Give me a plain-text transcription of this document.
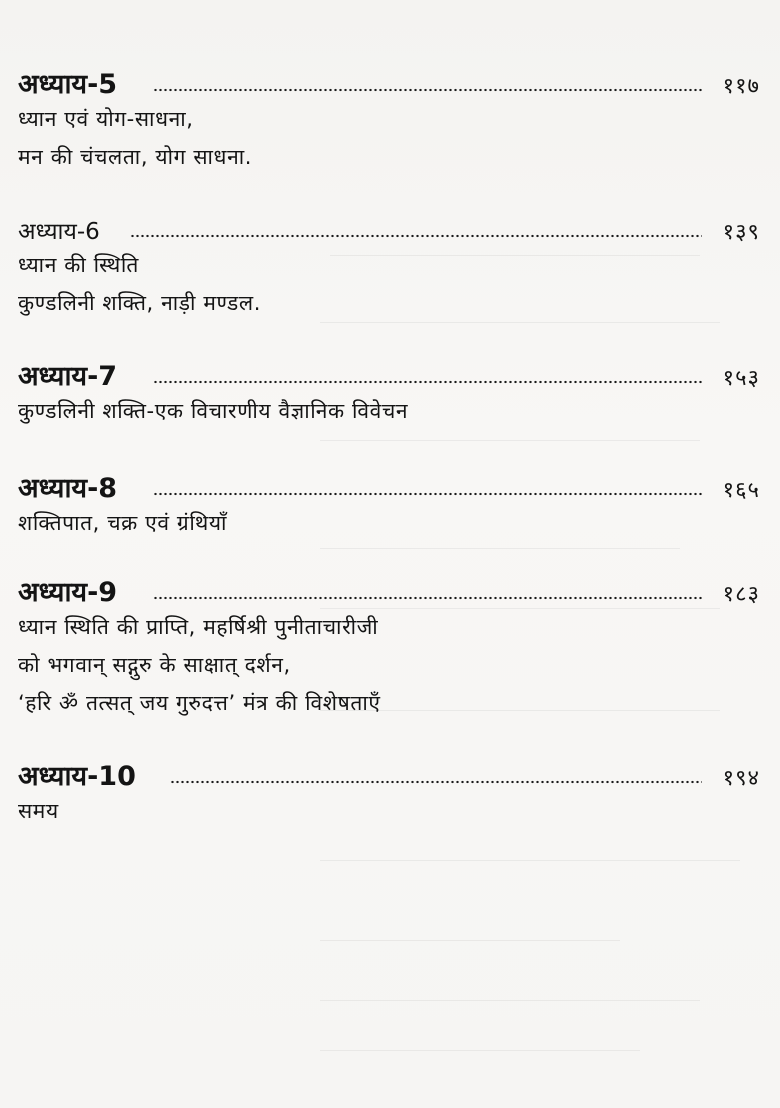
अध्याय-5	११७
ध्यान एवं योग-साधना,
मन की चंचलता, योग साधना.
अध्याय-6	१३९
ध्यान की स्थिति
कुण्डलिनी शक्ति, नाड़ी मण्डल.
अध्याय-7	१५३
कुण्डलिनी शक्ति-एक विचारणीय वैज्ञानिक विवेचन
अध्याय-8	१६५
शक्तिपात, चक्र एवं ग्रंथियाँ
अध्याय-9	१८३
ध्यान स्थिति की प्राप्ति, महर्षिश्री पुनीताचारीजी
को भगवान् सद्गुरु के साक्षात् दर्शन,
‘हरि ॐ तत्सत् जय गुरुदत्त’ मंत्र की विशेषताएँ
अध्याय-10	१९४
समय
